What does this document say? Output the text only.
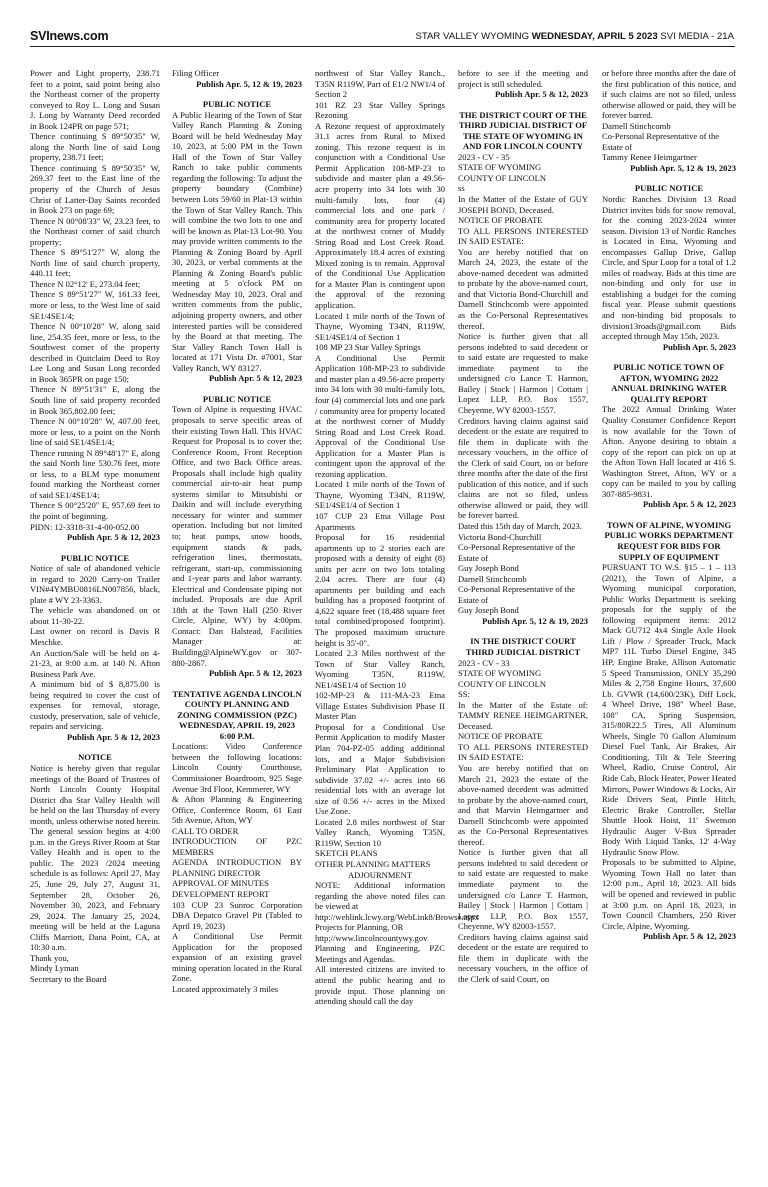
SVInews.com	STAR VALLEY WYOMING WEDNESDAY, APRIL 5 2023 SVI MEDIA - 21A

Power and Light property, 238.71 feet to a point, said point being also the Northeast corner of the property conveyed to Roy L. Long and Susan J. Long by Warranty Deed recorded in Book 124PR on page 571;

Thence continuing S 89°50'35" W, along the North line of said Long property, 238.71 feet;

Thence continuing S 89°50'35" W, 269.37 feet to the East line of the property of the Church of Jesus Christ of Latter-Day Saints recorded in Book 273 on page 69;

Thence N 00°08'33" W, 23.23 feet, to the Northeast corner of said church property;

Thence S 89°51'27" W, along the North line of said church property, 440.11 feet;

Thence N 02°12' E, 273.04 feet;

Thence S 89°51'27" W, 161.33 feet, more or less, to the West line of said SE1/4SE1/4;

Thence N 00°10'28" W, along said line, 254.35 feet, more or less, to the Southwest corner of the property described in Quitclaim Deed to Roy Lee Long and Susan Long recorded in Book 365PR on page 150;

Thence N 89°51'31" E, along the South line of said property recorded in Book 365,802.00 feet;

Thence N 00°10'28" W, 407.00 feet, more or less, to a point on the North line of said SE1/4SE1/4;

Thence running N 89°48'17" E, along the said North line 530.76 feet, more or less, to a BLM type monument found marking the Northeast corner of said SE1/4SE1/4;

Thence S 00°25'20" E, 957.69 feet to the point of beginning.

PIDN: 12-3318-31-4-00-052.00

Publish Apr. 5 & 12, 2023

PUBLIC NOTICE

Notice of sale of abandoned vehicle in regard to 2020 Carry-on Trailer VIN#4YMBU0816LN007856, black, plate # WY 23-3363.

The vehicle was abandoned on or about 11-30-22.

Last owner on record is Davis R Meschke.

An Auction/Sale will be held on 4-21-23, at 9:00 a.m. at 140 N. Afton Business Park Ave.

A minimum bid of $ 8,875.00 is being required to cover the cost of expenses for removal, storage, custody, preservation, sale of vehicle, repairs and servicing.

Publish Apr. 5 & 12, 2023

NOTICE

Notice is hereby given that regular meetings of the Board of Trustees of North Lincoln County Hospital District dba Star Valley Health will be held on the last Thursday of every month, unless otherwise noted herein. The general session begins at 4:00 p.m. in the Greys River Room at Star Valley Health and is open to the public. The 2023 /2024 meeting schedule is as follows: April 27, May 25, June 29, July 27, August 31, September 28, October 26, November 30, 2023, and February 29, 2024. The January 25, 2024, meeting will be held at the Laguna Cliffs Marriott, Dana Point, CA, at 10:30 a.m.

Thank you,

Mindy Lyman

Secretary to the Board

Filing Officer

Publish Apr. 5, 12 & 19, 2023

PUBLIC NOTICE

A Public Hearing of the Town of Star Valley Ranch Planning & Zoning Board will be held Wednesday May 10, 2023, at 5:00 PM in the Town Hall of the Town of Star Valley Ranch to take public comments regarding the following: To adjust the property boundary (Combine) between Lots 59/60 in Plat-13 within the Town of Star Valley Ranch. This will combine the two lots to one and will be known as Plat-13 Lot-90. You may provide written comments to the Planning & Zoning Board by April 30, 2023, or verbal comments at the Planning & Zoning Board's public meeting at 5 o'clock PM on Wednesday May 10, 2023. Oral and written comments from the public, adjoining property owners, and other interested parties will be considered by the Board at that meeting. The Star Valley Ranch Town Hall is located at 171 Vista Dr. #7001, Star Valley Ranch, WY 83127.

Publish Apr. 5 & 12, 2023

PUBLIC NOTICE

Town of Alpine is requesting HVAC proposals to serve specific areas of their existing Town Hall. This HVAC Request for Proposal is to cover the; Conference Room, Front Reception Office, and two Back Office areas. Proposals shall include high quality commercial air-to-air heat pump systems similar to Mitsubishi or Daikin and will include everything necessary for winter and summer operation. Including but not limited to; heat pumps, snow hoods, equipment stands & pads, refrigeration lines, thermostats, refrigerant, start-up, commissioning and 1-year parts and labor warranty. Electrical and Condensate piping not included. Proposals are due April 18th at the Town Hall (250 River Circle, Alpine, WY) by 4:00pm. Contact: Dan Halstead, Facilities Manager at: Building@AlpineWY.gov or 307-880-2867.

Publish Apr. 5 & 12, 2023

TENTATIVE AGENDA LINCOLN COUNTY PLANNING AND ZONING COMMISSION (PZC) WEDNESDAY, APRIL 19, 2023 6:00 P.M.

Locations: Video Conference between the following locations: Lincoln County Courthouse, Commissioner Boardroom, 925 Sage Avenue 3rd Floor, Kemmerer, WY

& Afton Planning & Engineering Office, Conference Room, 61 East 5th Avenue, Afton, WY

CALL TO ORDER

INTRODUCTION OF PZC MEMBERS

AGENDA INTRODUCTION BY PLANNING DIRECTOR

APPROVAL OF MINUTES

DEVELOPMENT REPORT

103 CUP 23 Sunroc Corporation DBA Depatco Gravel Pit (Tabled to April 19, 2023)

A Conditional Use Permit Application for the proposed expansion of an existing gravel mining operation located in the Rural Zone.

Located approximately 3 miles

northwest of Star Valley Ranch., T35N R119W, Part of E1/2 NW1/4 of Section 2

101 RZ 23 Star Valley Springs Rezoning

A Rezone request of approximately 31.1 acres from Rural to Mixed zoning. This rezone request is in conjunction with a Conditional Use Permit Application 108-MP-23 to subdivide and master plan a 49.56-acre property into 34 lots with 30 multi-family lots, four (4) commercial lots and one park / community area for property located at the northwest corner of Muddy String Road and Lost Creek Road. Approximately 18.4 acres of existing Mixed zoning is to remain. Approval of the Conditional Use Application for a Master Plan is contingent upon the approval of the rezoning application.

Located 1 mile north of the Town of Thayne, Wyoming T34N, R119W, SE1/4SE1/4 of Section 1

108 MP 23 Star Valley Springs

A Conditional Use Permit Application 108-MP-23 to subdivide and master plan a 49.56-acre property into 34 lots with 30 multi-family lots, four (4) commercial lots and one park / community area for property located at the northwest corner of Muddy String Road and Lost Creek Road. Approval of the Conditional Use Application for a Master Plan is contingent upon the approval of the rezoning application.

Located 1 mile north of the Town of Thayne, Wyoming T34N, R119W, SE1/4SE1/4 of Section 1

107 CUP 23 Etna Village Post Apartments

Proposal for 16 residential apartments up to 2 stories each are proposed with a density of eight (8) units per acre on two lots totaling 2.04 acres. There are four (4) apartments per building and each building has a proposed footprint of 4,622 square feet (18,488 square feet total combined/proposed footprint). The proposed maximum structure height is 35'-0".

Located 2.3 Miles northwest of the Town of Star Valley Ranch, Wyoming T35N, R119W, NE1/4SE1/4 of Section 10

102-MP-23 & 111-MA-23 Etna Village Estates Subdivision Phase II Master Plan

Proposal for a Conditional Use Permit Application to modify Master Plan 704-PZ-05 adding additional lots, and a Major Subdivision Preliminary Plat Application to subdivide 37.02 +/- acres into 66 residential lots with an average lot size of 0.56 +/- acres in the Mixed Use Zone.

Located 2.8 miles northwest of Star Valley Ranch, Wyoming T35N, R119W, Section 10

SKETCH PLANS

OTHER PLANNING MATTERS

ADJOURNMENT

NOTE: Additional information regarding the above noted files can be viewed at

http://weblink.lcwy.org/WebLink8/Browse.aspx Projects for Planning, OR

http://www.lincolncountywy.gov Planning and Engineering, PZC Meetings and Agendas.

All interested citizens are invited to attend the public hearing and to provide input. Those planning on attending should call the day

before to see if the meeting and project is still scheduled.

Publish Apr. 5 & 12, 2023

THE DISTRICT COURT OF THE THIRD JUDICIAL DISTRICT OF THE STATE OF WYOMING IN AND FOR LINCOLN COUNTY

2023 - CV - 35

STATE OF WYOMING

COUNTY OF LINCOLN

ss

In the Matter of the Estate of GUY JOSEPH BOND, Deceased.

NOTICE OF PROBATE

TO ALL PERSONS INTERESTED IN SAID ESTATE:

You are hereby notified that on March 24, 2023, the estate of the above-named decedent was admitted to probate by the above-named court, and that Victoria Bond-Churchill and Darnell Stinchcomb were appointed as the Co-Personal Representatives thereof.

Notice is further given that all persons indebted to said decedent or to said estate are requested to make immediate payment to the undersigned c/o Lance T. Harmon, Bailey | Stock | Harmon | Cottam | Lopez LLP, P.O. Box 1557, Cheyenne, WY 82003-1557.

Creditors having claims against said decedent or the estate are required to file them in duplicate with the necessary vouchers, in the office of the Clerk of said Court, on or before three months after the date of the first publication of this notice, and if such claims are not so filed, unless otherwise allowed or paid, they will be forever barred.

Dated this 15th day of March, 2023.

Victoria Bond-Churchill

Co-Personal Representative of the Estate of

Guy Joseph Bond

Darnell Stinchcomb

Co-Personal Representative of the Estate of

Guy Joseph Bond

Publish Apr. 5, 12 & 19, 2023

IN THE DISTRICT COURT THIRD JUDICIAL DISTRICT

2023 - CV - 33

STATE OF WYOMING

COUNTY OF LINCOLN

SS:

In the Matter of the Estate of: TAMMY RENEE HEIMGARTNER, Deceased.

NOTICE OF PROBATE

TO ALL PERSONS INTERESTED IN SAID ESTATE:

You are hereby notified that on March 21, 2023 the estate of the above-named decedent was admitted to probate by the above-named court, and that Marvin Heimgartner and Darnell Stinchcomb were appointed as the Co-Personal Representatives thereof.

Notice is further given that all persons indebted to said decedent or to said estate are requested to make immediate payment to the undersigned c/o Lance T. Harmon, Bailey | Stock | Harmon | Cottam | Lopez LLP, P.O. Box 1557, Cheyenne, WY 82003-1557.

Creditors having claims against said decedent or the estate are required to file them in duplicate with the necessary vouchers, in the office of the Clerk of said Court, on

or before three months after the date of the first publication of this notice, and if such claims are not so filed, unless otherwise allowed or paid, they will be forever barred.

Darnell Stinchcomb

Co-Personal Representative of the Estate of

Tammy Renee Heimgartner

Publish Apr. 5, 12 & 19, 2023

PUBLIC NOTICE

Nordic Ranches Division 13 Road District invites bids for snow removal, for the coming 2023-2024 winter season. Division 13 of Nordic Ranches is Located in Etna, Wyoming and encompasses Gallup Drive, Gallup Circle, and Spur Loop for a total of 1.2 miles of roadway. Bids at this time are non-binding and only for use in establishing a budget for the coming fiscal year. Please submit questions and non-binding bid proposals to division13roads@gmail.com Bids accepted through May 15th, 2023.

Publish Apr. 5, 2023

PUBLIC NOTICE TOWN OF AFTON, WYOMING 2022 ANNUAL DRINKING WATER QUALITY REPORT

The 2022 Annual Drinking Water Quality Consumer Confidence Report is now available for the Town of Afton. Anyone desiring to obtain a copy of the report can pick on up at the Afton Town Hall located at 416 S. Washington Street, Afton, WY or a copy can be mailed to you by calling 307-885-9831.

Publish Apr. 5 & 12, 2023

TOWN OF ALPINE, WYOMING PUBLIC WORKS DEPARTMENT REQUEST FOR BIDS FOR SUPPLY OF EQUIPMENT

PURSUANT TO W.S. §15 – 1 – 113 (2021), the Town of Alpine, a Wyoming municipal corporation, Public Works Department is seeking proposals for the supply of the following equipment items: 2012 Mack GU712 4x4 Single Axle Hook Lift / Plow / Spreader Truck, Mack MP7 11L Turbo Diesel Engine, 345 HP, Engine Brake, Allison Automatic 5 Speed Transmission, ONLY 35,290 Miles & 2,758 Engine Hours, 37,600 Lb. GVWR (14,600/23K), Diff Lock, 4 Wheel Drive, 198" Wheel Base, 108" CA, Spring Suspension, 315/80R22.5 Tires, All Aluminum Wheels, Single 70 Gallon Aluminum Diesel Fuel Tank, Air Brakes, Air Conditioning, Tilt & Tele Steering Wheel, Radio, Cruise Control, Air Ride Cab, Block Heater, Power Heated Mirrors, Power Windows & Locks, Air Ride Drivers Seat, Pintle Hitch, Electric Brake Controller, Stellar Shuttle Hook Hoist, 11' Swenson Hydraulic Auger V-Box Spreader Body With Liquid Tanks, 12' 4-Way Hydraulic Snow Plow.

Proposals to be submitted to Alpine, Wyoming Town Hall no later than 12:00 p.m., April 18, 2023. All bids will be opened and reviewed in public at 3:00 p.m. on April 18, 2023, in Town Council Chambers, 250 River Circle, Alpine, Wyoming.

Publish Apr. 5 & 12, 2023
